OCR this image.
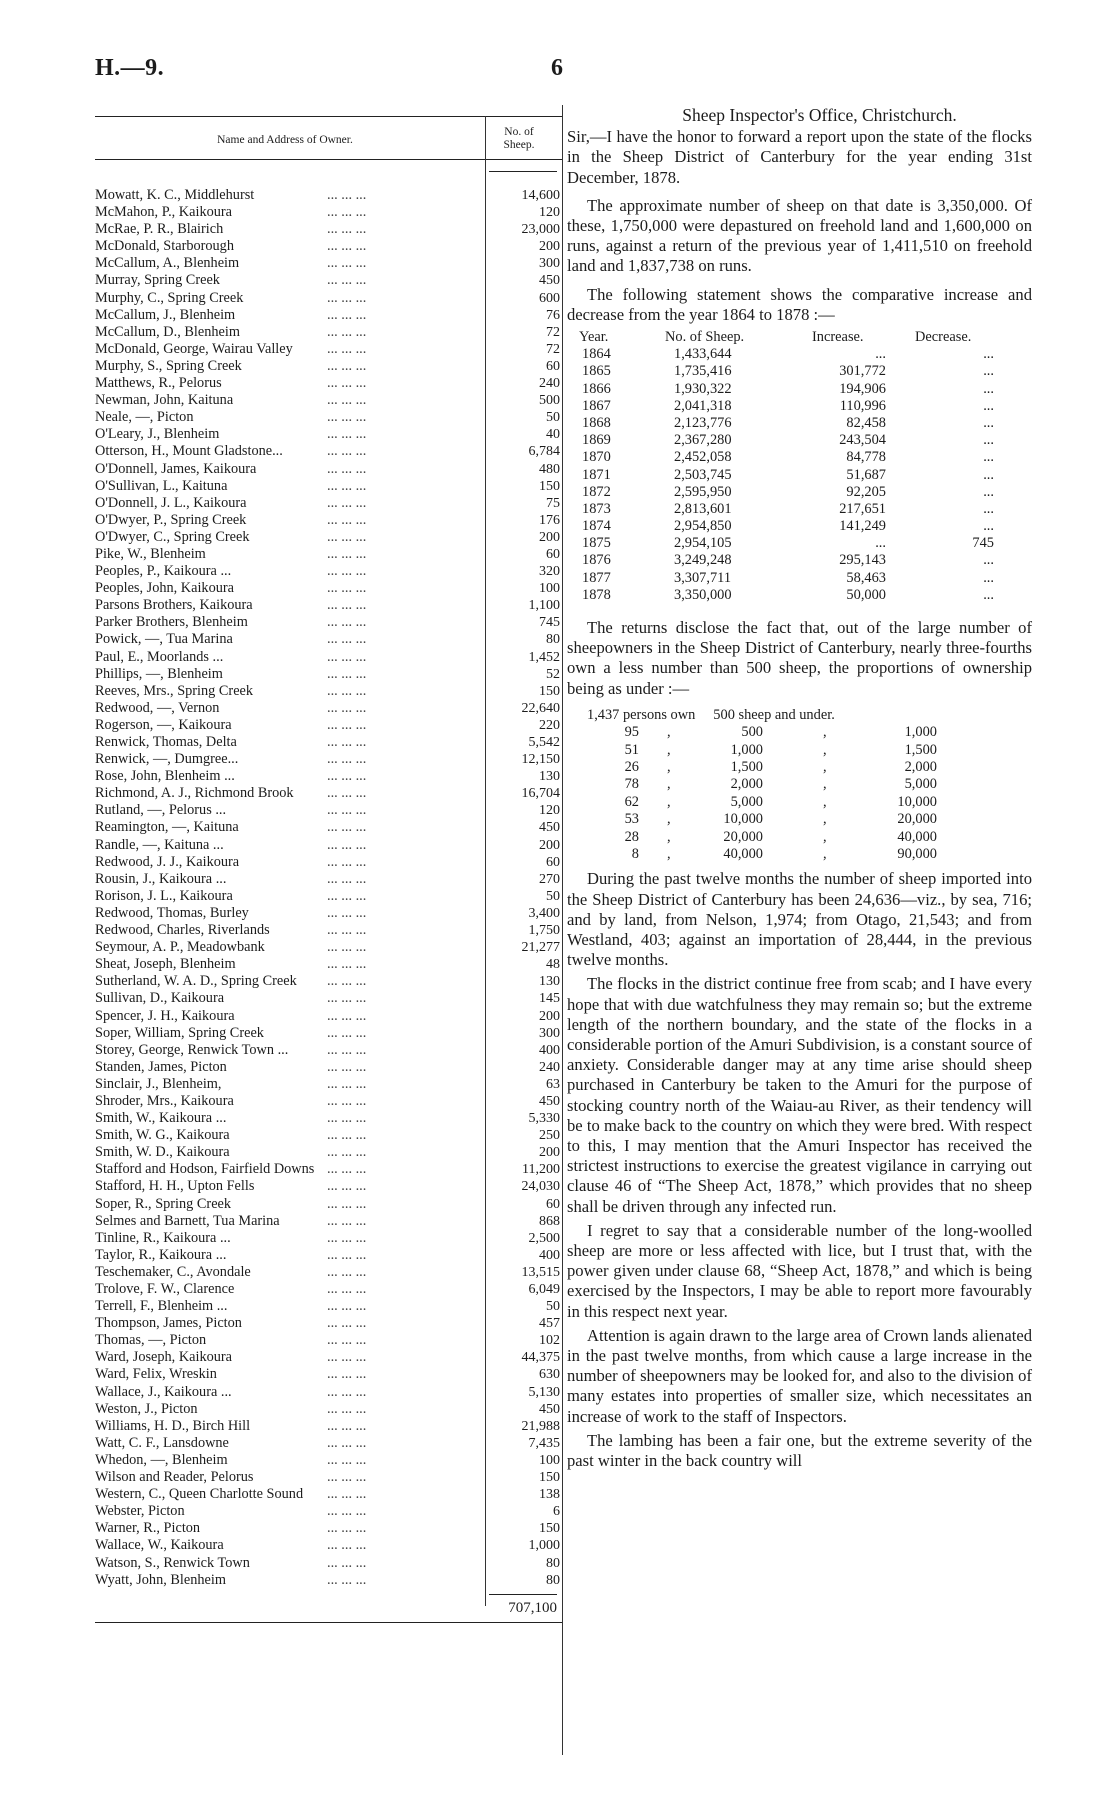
H.—9.	6
Name and Address of Owner.
No. of
Sheep.
Mowatt, K. C., Middlehurst	... ... ...	14,600
McMahon, P., Kaikoura	... ... ...	120
McRae, P. R., Blairich	... ... ...	23,000
McDonald, Starborough	... ... ...	200
McCallum, A., Blenheim	... ... ...	300
Murray, Spring Creek	... ... ...	450
Murphy, C., Spring Creek	... ... ...	600
McCallum, J., Blenheim	... ... ...	76
McCallum, D., Blenheim	... ... ...	72
McDonald, George, Wairau Valley ... ... ...	72
Murphy, S., Spring Creek	... ... ...	60
Matthews, R., Pelorus	... ... ...	240
Newman, John, Kaituna	... ... ...	500
Neale, —, Picton	... ... ...	50
O'Leary, J., Blenheim	... ... ...	40
Otterson, H., Mount Gladstone...	... ... ...	6,784
O'Donnell, James, Kaikoura	... ... ...	480
O'Sullivan, L., Kaituna	... ... ...	150
O'Donnell, J. L., Kaikoura	... ... ...	75
O'Dwyer, P., Spring Creek	... ... ...	176
O'Dwyer, C., Spring Creek	... ... ...	200
Pike, W., Blenheim	... ... ...	60
Peoples, P., Kaikoura ...	... ... ...	320
Peoples, John, Kaikoura	... ... ...	100
Parsons Brothers, Kaikoura	... ... ...	1,100
Parker Brothers, Blenheim	... ... ...	745
Powick, —, Tua Marina	... ... ...	80
Paul, E., Moorlands ...	... ... ...	1,452
Phillips, —, Blenheim	... ... ...	52
Reeves, Mrs., Spring Creek	... ... ...	150
Redwood, —, Vernon	... ... ...	22,640
Rogerson, —, Kaikoura	... ... ...	220
Renwick, Thomas, Delta	... ... ...	5,542
Renwick, —, Dumgree...	... ... ...	12,150
Rose, John, Blenheim ...	... ... ...	130
Richmond, A. J., Richmond Brook ... ... ...	16,704
Rutland, —, Pelorus ...	... ... ...	120
Reamington, —, Kaituna	... ... ...	450
Randle, —, Kaituna ...	... ... ...	200
Redwood, J. J., Kaikoura	... ... ...	60
Rousin, J., Kaikoura ...	... ... ...	270
Rorison, J. L., Kaikoura	... ... ...	50
Redwood, Thomas, Burley	... ... ...	3,400
Redwood, Charles, Riverlands	... ... ...	1,750
Seymour, A. P., Meadowbank	... ... ...	21,277
Sheat, Joseph, Blenheim	... ... ...	48
Sutherland, W. A. D., Spring Creek ... ... ...	130
Sullivan, D., Kaikoura	... ... ...	145
Spencer, J. H., Kaikoura	... ... ...	200
Soper, William, Spring Creek	... ... ...	300
Storey, George, Renwick Town ...	... ... ...	400
Standen, James, Picton	... ... ...	240
Sinclair, J., Blenheim,	... ... ...	63
Shroder, Mrs., Kaikoura	... ... ...	450
Smith, W., Kaikoura ...	... ... ...	5,330
Smith, W. G., Kaikoura	... ... ...	250
Smith, W. D., Kaikoura	... ... ...	200
Stafford and Hodson, Fairfield Downs ... ... ...	11,200
Stafford, H. H., Upton Fells	... ... ...	24,030
Soper, R., Spring Creek	... ... ...	60
Selmes and Barnett, Tua Marina	... ... ...	868
Tinline, R., Kaikoura ...	... ... ...	2,500
Taylor, R., Kaikoura ...	... ... ...	400
Teschemaker, C., Avondale	... ... ...	13,515
Trolove, F. W., Clarence	... ... ...	6,049
Terrell, F., Blenheim ...	... ... ...	50
Thompson, James, Picton	... ... ...	457
Thomas, —, Picton	... ... ...	102
Ward, Joseph, Kaikoura	... ... ...	44,375
Ward, Felix, Wreskin	... ... ...	630
Wallace, J., Kaikoura ...	... ... ...	5,130
Weston, J., Picton	... ... ...	450
Williams, H. D., Birch Hill	... ... ...	21,988
Watt, C. F., Lansdowne	... ... ...	7,435
Whedon, —, Blenheim	... ... ...	100
Wilson and Reader, Pelorus	... ... ...	150
Western, C., Queen Charlotte Sound ... ... ...	138
Webster, Picton	... ... ...	6
Warner, R., Picton	... ... ...	150
Wallace, W., Kaikoura	... ... ...	1,000
Watson, S., Renwick Town	... ... ...	80
Wyatt, John, Blenheim	... ... ...	80
707,100
Sheep Inspector's Office, Christchurch.

Sir,—I have the honor to forward a report upon the state of the flocks in the Sheep District of Canterbury for the year ending 31st December, 1878.

The approximate number of sheep on that date is 3,350,000. Of these, 1,750,000 were depastured on freehold land and 1,600,000 on runs, against a return of the previous year of 1,411,510 on freehold land and 1,837,738 on runs.

The following statement shows the comparative increase and decrease from the year 1864 to 1878 :—

Year.	No. of Sheep.	Increase.	Decrease.
1864	1,433,644	...	...
1865	1,735,416	301,772	...
1866	1,930,322	194,906	...
1867	2,041,318	110,996	...
1868	2,123,776	82,458	...
1869	2,367,280	243,504	...
1870	2,452,058	84,778	...
1871	2,503,745	51,687	...
1872	2,595,950	92,205	...
1873	2,813,601	217,651	...
1874	2,954,850	141,249	...
1875	2,954,105	...	745
1876	3,249,248	295,143	...
1877	3,307,711	58,463	...
1878	3,350,000	50,000	...

The returns disclose the fact that, out of the large number of sheepowners in the Sheep District of Canterbury, nearly three-fourths own a less number than 500 sheep, the proportions of ownership being as under :—

1,437 persons own     500 sheep and under.
95 ,	500	,	1,000
51 ,	1,000	,	1,500
26 ,	1,500	,	2,000
78 ,	2,000	,	5,000
62 ,	5,000	,	10,000
53 ,	10,000	,	20,000
28 ,	20,000	,	40,000
8 ,	40,000	,	90,000

During the past twelve months the number of sheep imported into the Sheep District of Canterbury has been 24,636—viz., by sea, 716; and by land, from Nelson, 1,974; from Otago, 21,543; and from Westland, 403; against an importation of 28,444, in the previous twelve months.

The flocks in the district continue free from scab; and I have every hope that with due watchfulness they may remain so; but the extreme length of the northern boundary, and the state of the flocks in a considerable portion of the Amuri Subdivision, is a constant source of anxiety. Considerable danger may at any time arise should sheep purchased in Canterbury be taken to the Amuri for the purpose of stocking country north of the Waiau-au River, as their tendency will be to make back to the country on which they were bred. With respect to this, I may mention that the Amuri Inspector has received the strictest instructions to exercise the greatest vigilance in carrying out clause 46 of “The Sheep Act, 1878,” which provides that no sheep shall be driven through any infected run.

I regret to say that a considerable number of the long-woolled sheep are more or less affected with lice, but I trust that, with the power given under clause 68, “Sheep Act, 1878,” and which is being exercised by the Inspectors, I may be able to report more favourably in this respect next year.

Attention is again drawn to the large area of Crown lands alienated in the past twelve months, from which cause a large increase in the number of sheepowners may be looked for, and also to the division of many estates into properties of smaller size, which necessitates an increase of work to the staff of Inspectors.

The lambing has been a fair one, but the extreme severity of the past winter in the back country will
